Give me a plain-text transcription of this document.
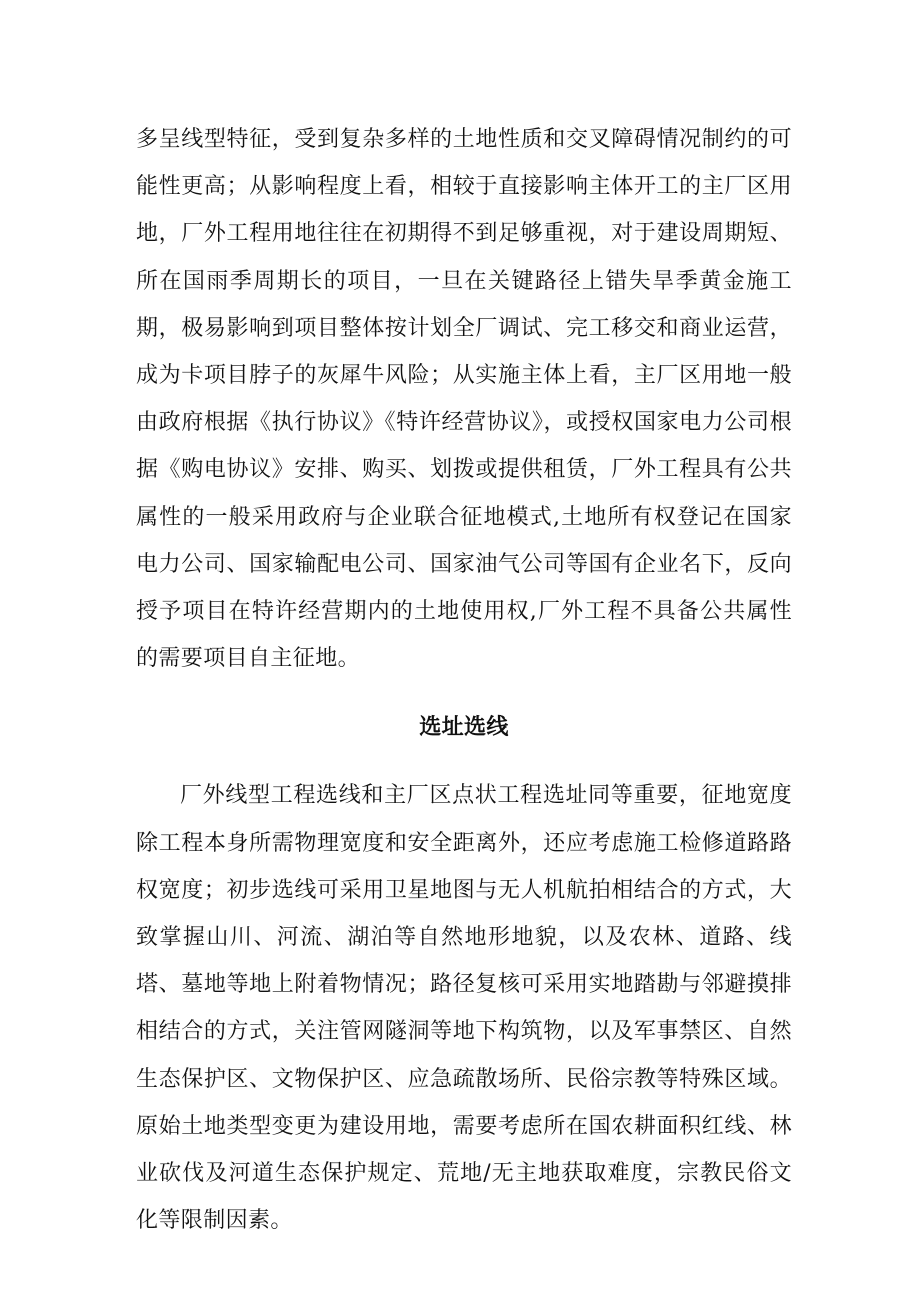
多呈线型特征，受到复杂多样的土地性质和交叉障碍情况制约的可能性更高；从影响程度上看，相较于直接影响主体开工的主厂区用地，厂外工程用地往往在初期得不到足够重视，对于建设周期短、所在国雨季周期长的项目，一旦在关键路径上错失旱季黄金施工期，极易影响到项目整体按计划全厂调试、完工移交和商业运营，成为卡项目脖子的灰犀牛风险；从实施主体上看，主厂区用地一般由政府根据《执行协议》《特许经营协议》，或授权国家电力公司根据《购电协议》安排、购买、划拨或提供租赁，厂外工程具有公共属性的一般采用政府与企业联合征地模式,土地所有权登记在国家电力公司、国家输配电公司、国家油气公司等国有企业名下，反向授予项目在特许经营期内的土地使用权,厂外工程不具备公共属性的需要项目自主征地。

选址选线

厂外线型工程选线和主厂区点状工程选址同等重要，征地宽度除工程本身所需物理宽度和安全距离外，还应考虑施工检修道路路权宽度；初步选线可采用卫星地图与无人机航拍相结合的方式，大致掌握山川、河流、湖泊等自然地形地貌，以及农林、道路、线塔、墓地等地上附着物情况；路径复核可采用实地踏勘与邻避摸排相结合的方式，关注管网隧洞等地下构筑物，以及军事禁区、自然生态保护区、文物保护区、应急疏散场所、民俗宗教等特殊区域。原始土地类型变更为建设用地，需要考虑所在国农耕面积红线、林业砍伐及河道生态保护规定、荒地/无主地获取难度，宗教民俗文化等限制因素。
